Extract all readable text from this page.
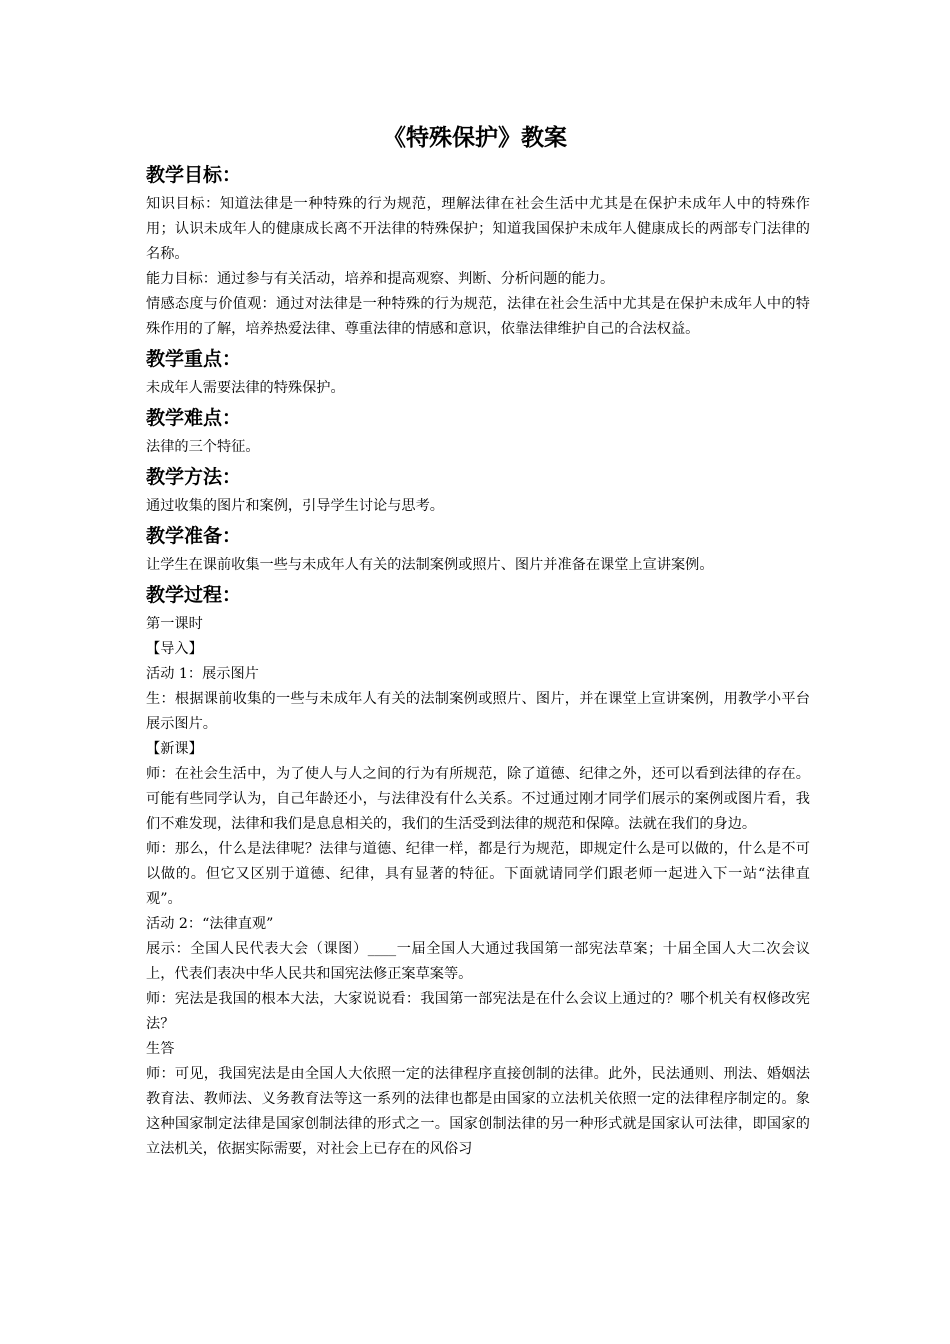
《特殊保护》教案
教学目标：

知识目标：知道法律是一种特殊的行为规范，理解法律在社会生活中尤其是在保护未成年人中的特殊作用；认识未成年人的健康成长离不开法律的特殊保护；知道我国保护未成年人健康成长的两部专门法律的名称。

能力目标：通过参与有关活动，培养和提高观察、判断、分析问题的能力。

情感态度与价值观：通过对法律是一种特殊的行为规范，法律在社会生活中尤其是在保护未成年人中的特殊作用的了解，培养热爱法律、尊重法律的情感和意识，依靠法律维护自己的合法权益。

教学重点：

未成年人需要法律的特殊保护。

教学难点：

法律的三个特征。

教学方法：

通过收集的图片和案例，引导学生讨论与思考。

教学准备：

让学生在课前收集一些与未成年人有关的法制案例或照片、图片并准备在课堂上宣讲案例。

教学过程：

第一课时

【导入】

活动 1：展示图片

生：根据课前收集的一些与未成年人有关的法制案例或照片、图片，并在课堂上宣讲案例，用教学小平台展示图片。

【新课】

师：在社会生活中，为了使人与人之间的行为有所规范，除了道德、纪律之外，还可以看到法律的存在。可能有些同学认为，自己年龄还小，与法律没有什么关系。不过通过刚才同学们展示的案例或图片看，我们不难发现，法律和我们是息息相关的，我们的生活受到法律的规范和保障。法就在我们的身边。

师：那么，什么是法律呢？法律与道德、纪律一样，都是行为规范，即规定什么是可以做的，什么是不可以做的。但它又区别于道德、纪律，具有显著的特征。下面就请同学们跟老师一起进入下一站“法律直观”。

活动 2：“法律直观”

展示：全国人民代表大会（课图）____一届全国人大通过我国第一部宪法草案；十届全国人大二次会议上，代表们表决中华人民共和国宪法修正案草案等。

师：宪法是我国的根本大法，大家说说看：我国第一部宪法是在什么会议上通过的？哪个机关有权修改宪法？

生答

师：可见，我国宪法是由全国人大依照一定的法律程序直接创制的法律。此外，民法通则、刑法、婚姻法教育法、教师法、义务教育法等这一系列的法律也都是由国家的立法机关依照一定的法律程序制定的。象这种国家制定法律是国家创制法律的形式之一。国家创制法律的另一种形式就是国家认可法律，即国家的立法机关，依据实际需要，对社会上已存在的风俗习
